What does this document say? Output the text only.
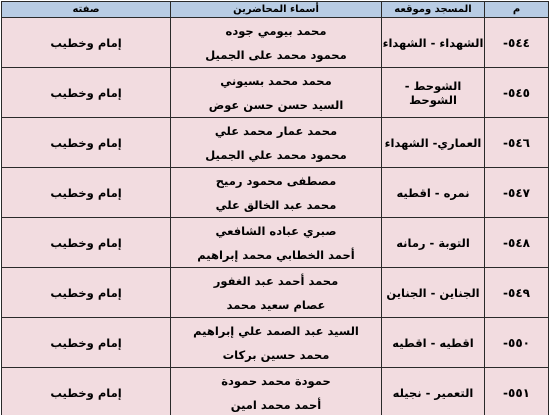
م	المسجد وموقعه	أسماء المحاضرين	صفته
٥٤٤-	الشهداء - الشهداء	محمد بيومي جوده
محمود محمد على الجميل	إمام وخطيب
٥٤٥-	الشوحط - الشوحط	محمد محمد بسيوني
السيد حسن حسن عوض	إمام وخطيب
٥٤٦-	العماري- الشهداء	محمد عمار محمد علي
محمود محمد علي الجميل	إمام وخطيب
٥٤٧-	نمره - اقطيه	مصطفى محمود رميح
محمد عبد الخالق علي	إمام وخطيب
٥٤٨-	التوبة - رمانه	صبري عباده الشافعي
أحمد الخطابي محمد إبراهيم	إمام وخطيب
٥٤٩-	الجناين - الجناين	محمد أحمد عبد الغفور
عصام سعيد محمد	إمام وخطيب
٥٥٠-	اقطيه - اقطيه	السيد عبد الصمد علي إبراهيم
محمد حسين بركات	إمام وخطيب
٥٥١-	التعمير - نجيله	حمودة محمد حمودة
أحمد محمد امين	إمام وخطيب
